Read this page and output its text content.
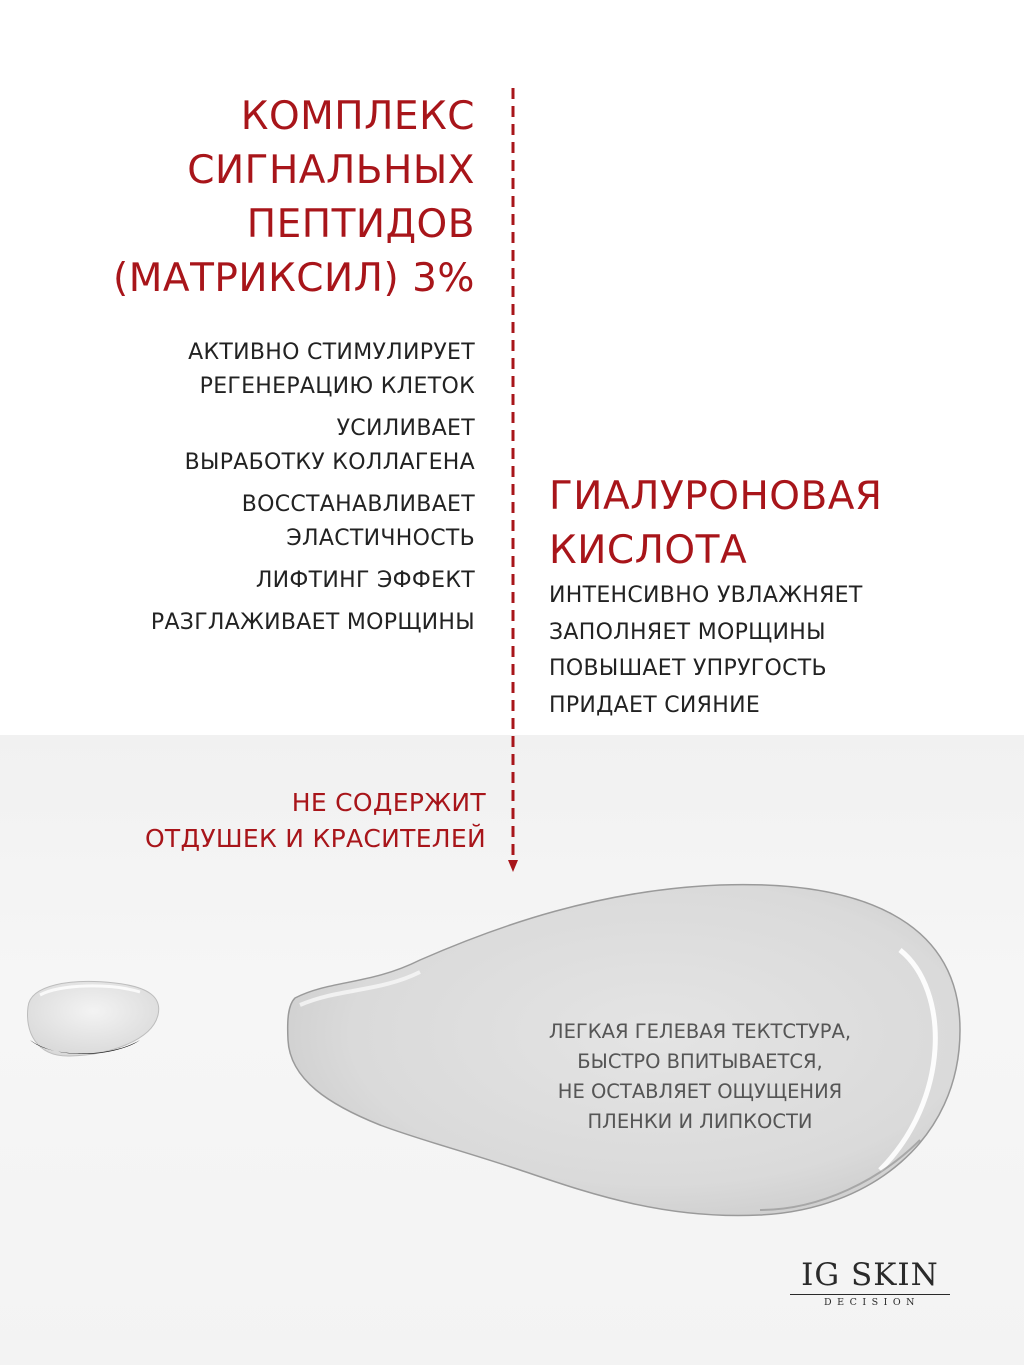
КОМПЛЕКС
СИГНАЛЬНЫХ
ПЕПТИДОВ
(МАТРИКСИЛ) 3%
АКТИВНО СТИМУЛИРУЕТ
РЕГЕНЕРАЦИЮ КЛЕТОК
УСИЛИВАЕТ
ВЫРАБОТКУ КОЛЛАГЕНА
ВОССТАНАВЛИВАЕТ
ЭЛАСТИЧНОСТЬ
ЛИФТИНГ ЭФФЕКТ
РАЗГЛАЖИВАЕТ МОРЩИНЫ
ГИАЛУРОНОВАЯ
КИСЛОТА
ИНТЕНСИВНО УВЛАЖНЯЕТ
ЗАПОЛНЯЕТ МОРЩИНЫ
ПОВЫШАЕТ УПРУГОСТЬ
ПРИДАЕТ СИЯНИЕ
НЕ СОДЕРЖИТ
ОТДУШЕК И КРАСИТЕЛЕЙ
ЛЕГКАЯ ГЕЛЕВАЯ ТЕКТСТУРА,
БЫСТРО ВПИТЫВАЕТСЯ,
НЕ ОСТАВЛЯЕТ ОЩУЩЕНИЯ
ПЛЕНКИ И ЛИПКОСТИ
IG SKIN
DECISION
